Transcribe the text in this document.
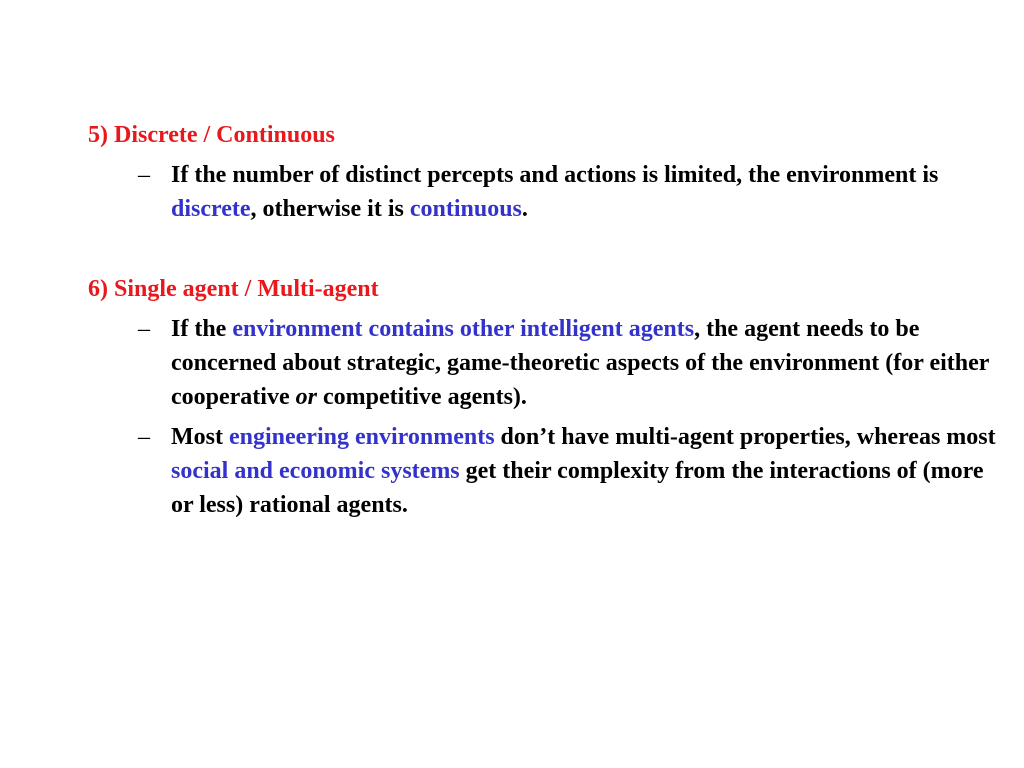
5) Discrete / Continuous
– If the number of distinct percepts and actions is limited, the environment is discrete, otherwise it is continuous.
6) Single agent / Multi-agent
– If the environment contains other intelligent agents, the agent needs to be concerned about strategic, game-theoretic aspects of the environment (for either cooperative or competitive agents).
– Most engineering environments don’t have multi-agent properties, whereas most social and economic systems get their complexity from the interactions of (more or less) rational agents.
